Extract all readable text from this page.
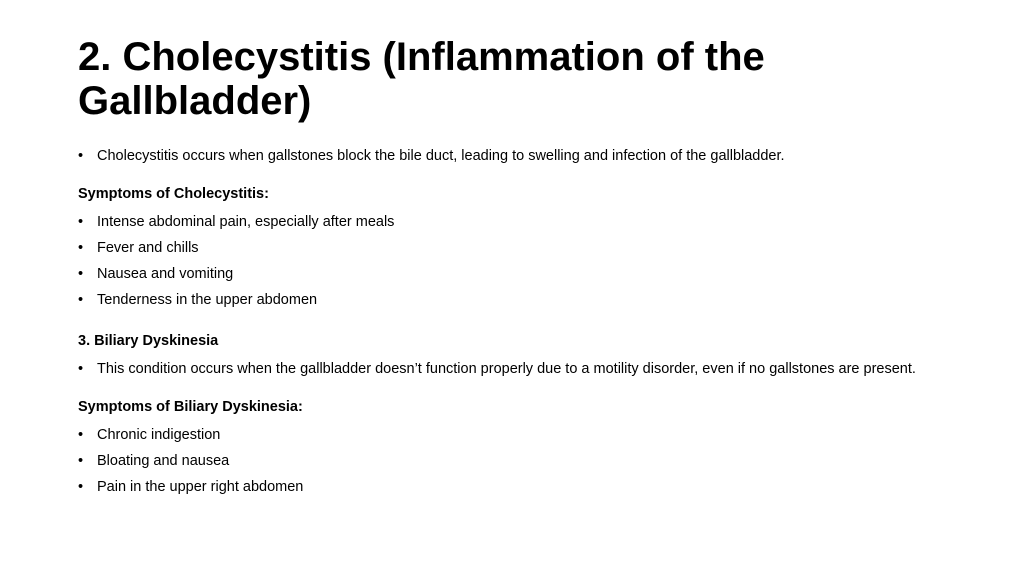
2. Cholecystitis (Inflammation of the Gallbladder)
• Cholecystitis occurs when gallstones block the bile duct, leading to swelling and infection of the gallbladder.

Symptoms of Cholecystitis:

• Intense abdominal pain, especially after meals
• Fever and chills
• Nausea and vomiting
• Tenderness in the upper abdomen

3. Biliary Dyskinesia

• This condition occurs when the gallbladder doesn’t function properly due to a motility disorder, even if no gallstones are present.

Symptoms of Biliary Dyskinesia:

• Chronic indigestion
• Bloating and nausea
• Pain in the upper right abdomen
